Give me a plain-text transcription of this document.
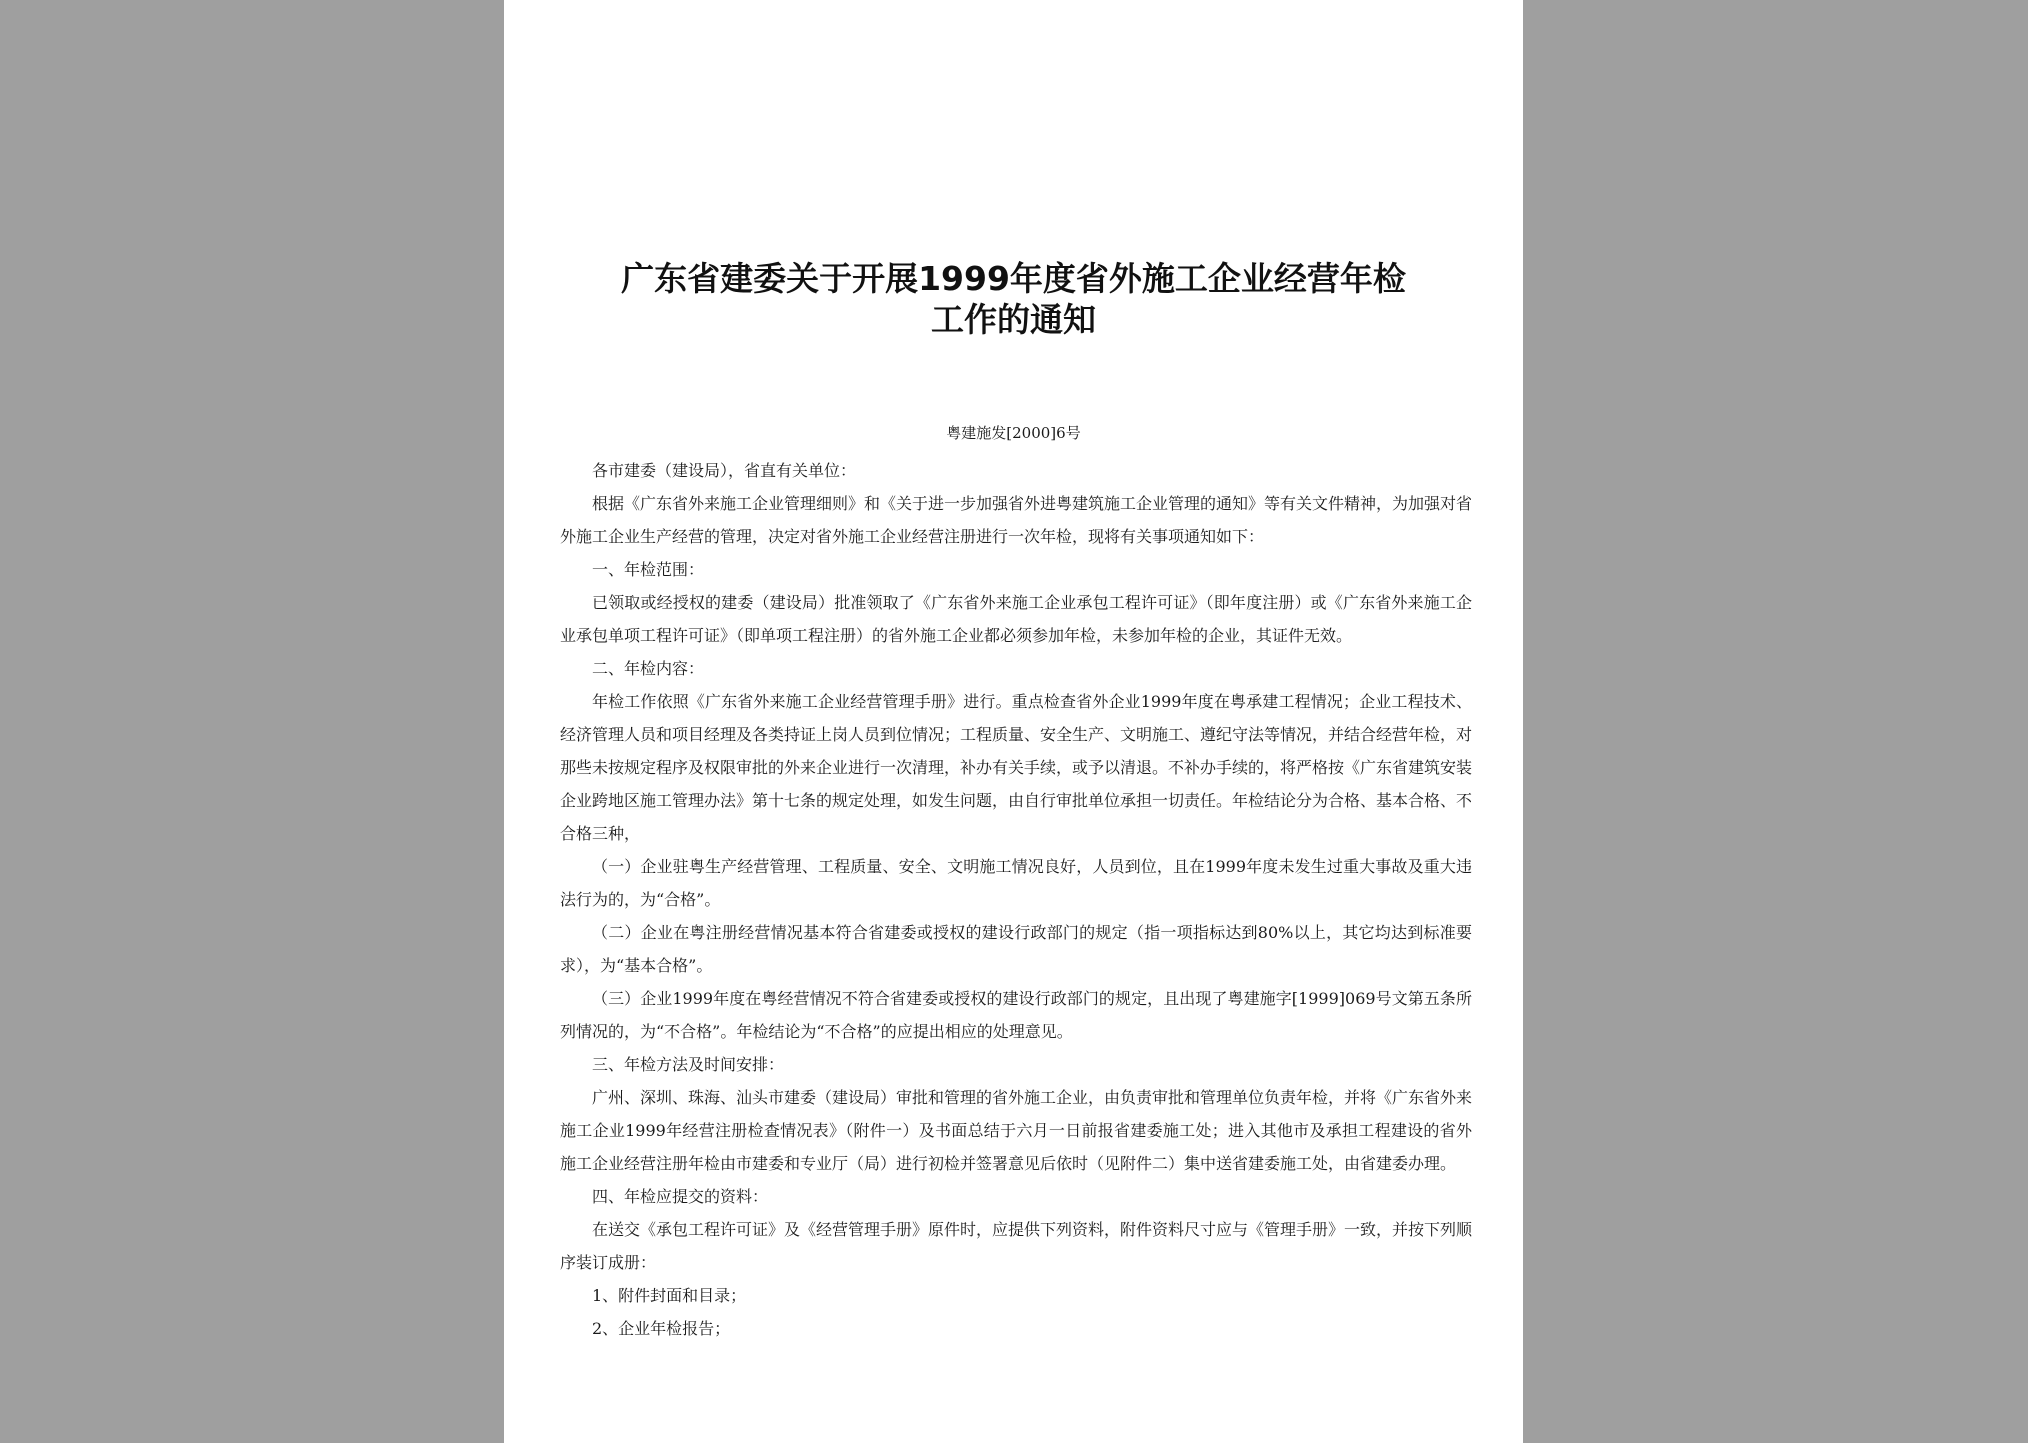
广东省建委关于开展1999年度省外施工企业经营年检
工作的通知

粤建施发[2000]6号

各市建委（建设局），省直有关单位：

根据《广东省外来施工企业管理细则》和《关于进一步加强省外进粤建筑施工企业管理的通知》等有关文件精神，为加强对省外施工企业生产经营的管理，决定对省外施工企业经营注册进行一次年检，现将有关事项通知如下：

一、年检范围：

已领取或经授权的建委（建设局）批准领取了《广东省外来施工企业承包工程许可证》（即年度注册）或《广东省外来施工企业承包单项工程许可证》（即单项工程注册）的省外施工企业都必须参加年检，未参加年检的企业，其证件无效。

二、年检内容：

年检工作依照《广东省外来施工企业经营管理手册》进行。重点检查省外企业1999年度在粤承建工程情况；企业工程技术、经济管理人员和项目经理及各类持证上岗人员到位情况；工程质量、安全生产、文明施工、遵纪守法等情况，并结合经营年检，对那些未按规定程序及权限审批的外来企业进行一次清理，补办有关手续，或予以清退。不补办手续的，将严格按《广东省建筑安装企业跨地区施工管理办法》第十七条的规定处理，如发生问题，由自行审批单位承担一切责任。年检结论分为合格、基本合格、不合格三种，

（一）企业驻粤生产经营管理、工程质量、安全、文明施工情况良好，人员到位，且在1999年度未发生过重大事故及重大违法行为的，为“合格”。

（二）企业在粤注册经营情况基本符合省建委或授权的建设行政部门的规定（指一项指标达到80%以上，其它均达到标准要求），为“基本合格”。

（三）企业1999年度在粤经营情况不符合省建委或授权的建设行政部门的规定，且出现了粤建施字[1999]069号文第五条所列情况的，为“不合格”。年检结论为“不合格”的应提出相应的处理意见。

三、年检方法及时间安排：

广州、深圳、珠海、汕头市建委（建设局）审批和管理的省外施工企业，由负责审批和管理单位负责年检，并将《广东省外来施工企业1999年经营注册检查情况表》（附件一）及书面总结于六月一日前报省建委施工处；进入其他市及承担工程建设的省外施工企业经营注册年检由市建委和专业厅（局）进行初检并签署意见后依时（见附件二）集中送省建委施工处，由省建委办理。

四、年检应提交的资料：

在送交《承包工程许可证》及《经营管理手册》原件时，应提供下列资料，附件资料尺寸应与《管理手册》一致，并按下列顺序装订成册：

1、附件封面和目录；

2、企业年检报告；
